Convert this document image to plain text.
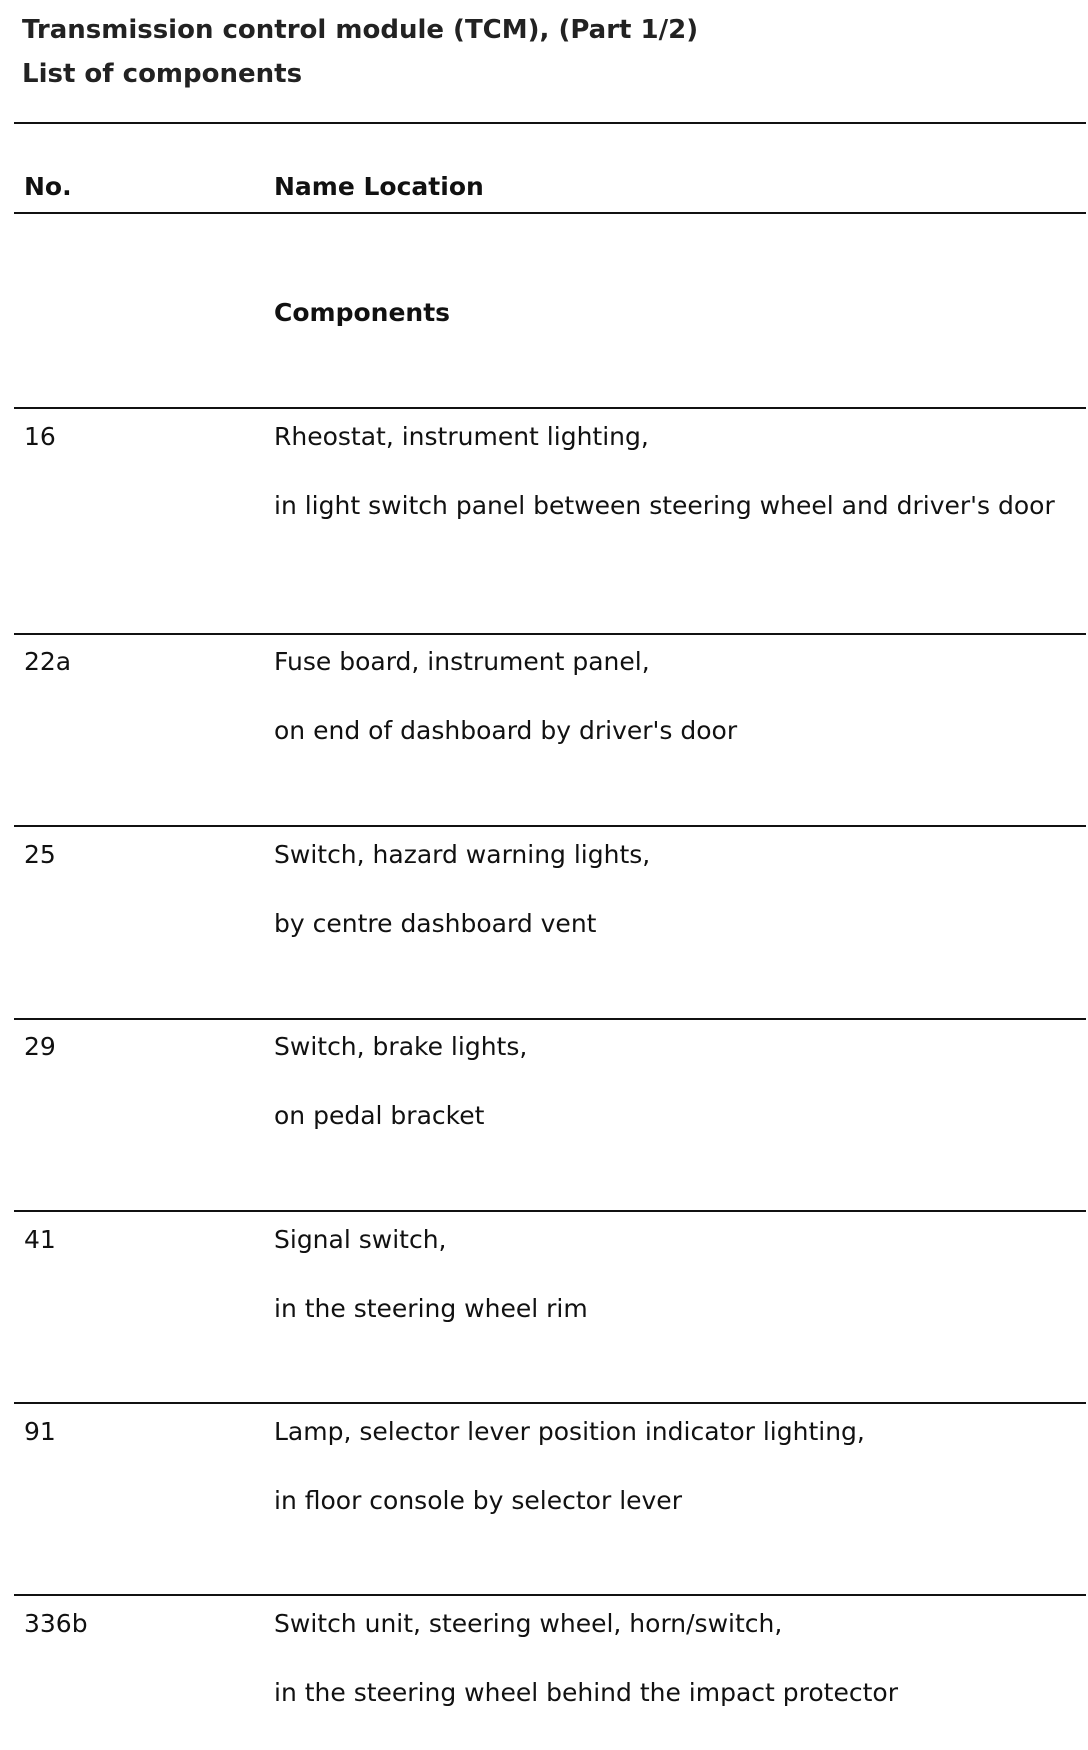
Transmission control module (TCM), (Part 1/2)
List of components
No.	Name Location
Components
16	Rheostat, instrument lighting,
in light switch panel between steering wheel and driver's door
22a	Fuse board, instrument panel,
on end of dashboard by driver's door
25	Switch, hazard warning lights,
by centre dashboard vent
29	Switch, brake lights,
on pedal bracket
41	Signal switch,
in the steering wheel rim
91	Lamp, selector lever position indicator lighting,
in floor console by selector lever
336b	Switch unit, steering wheel, horn/switch,
in the steering wheel behind the impact protector
